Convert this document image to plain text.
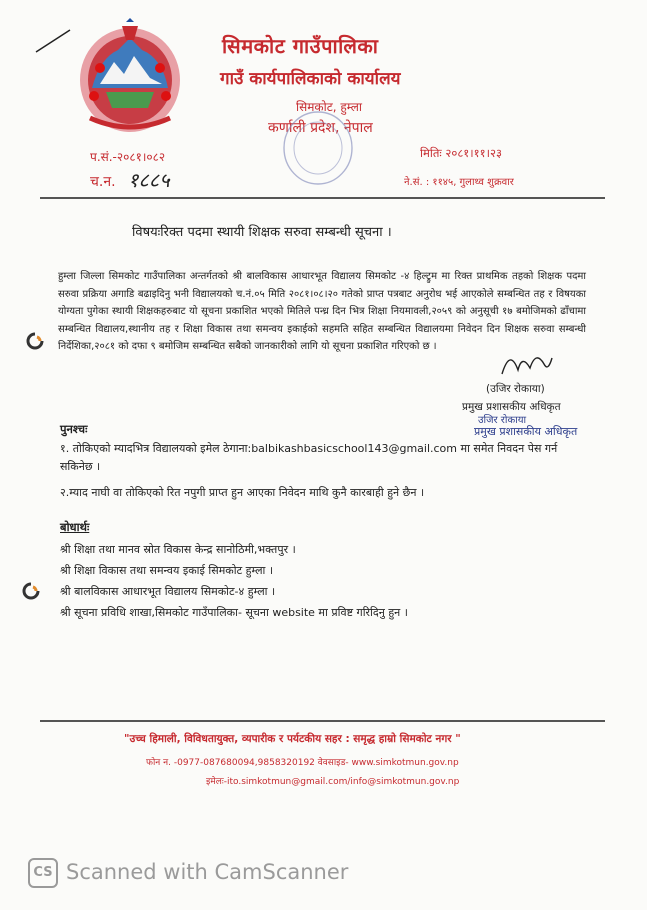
सिमकोट गाउँपालिका
गाउँ कार्यपालिकाको कार्यालय
सिमकोट, हुम्ला
कर्णाली प्रदेश, नेपाल
प.सं.-२०८१।०८२
च.न. १८८५
मितिः २०८१।११।२३
ने.सं. : ११४५, गुलाथ्व शुक्रवार
विषयःरिक्त पदमा स्थायी शिक्षक सरुवा सम्बन्धी सूचना ।
हुम्ला जिल्ला सिमकोट गाउँपालिका अन्तर्गतको श्री बालविकास आधारभूत विद्यालय सिमकोट -४ हिल्ट्रुम मा रिक्त प्राथमिक तहको शिक्षक पदमा सरुवा प्रक्रिया अगाडि बढाइदिनु भनी विद्यालयको च.नं.०५ मिति २०८१।०८।२० गतेको प्राप्त पत्रबाट अनुरोध भई आएकोले सम्बन्धित तह र विषयका योग्यता पुगेका स्थायी शिक्षकहरुबाट यो सूचना प्रकाशित भएको मितिले पन्ध्र दिन भित्र शिक्षा नियमावली,२०५९ को अनुसूची १७ बमोजिमको ढाँचामा सम्बन्धित विद्यालय,स्थानीय तह र शिक्षा विकास तथा समन्वय इकाईको सहमति सहित सम्बन्धित विद्यालयमा निवेदन दिन शिक्षक सरुवा सम्बन्धी निर्देशिका,२०८१ को दफा ९ बमोजिम सम्बन्धित सबैको जानकारीको लागि यो सूचना प्रकाशित गरिएको छ ।
(उजिर रोकाया)
प्रमुख प्रशासकीय अधिकृत
उजिर रोकाया
प्रमुख प्रशासकीय अधिकृत
पुनश्चः
१. तोकिएको म्यादभित्र विद्यालयको इमेल ठेगाना:balbikashbasicschool143@gmail.com मा समेत निवदन पेस गर्न सकिनेछ ।
२.म्याद नाघी वा तोकिएको रित नपुगी प्राप्त हुन आएका निवेदन माथि कुनै कारबाही हुने छैन ।
बोधार्थः
श्री शिक्षा तथा मानव स्रोत विकास केन्द्र सानोठिमी,भक्तपुर ।
श्री शिक्षा विकास तथा समन्वय इकाई सिमकोट हुम्ला ।
श्री बालविकास आधारभूत विद्यालय सिमकोट-४ हुम्ला ।
श्री सूचना प्रविधि शाखा,सिमकोट गाउँपालिका- सूचना website मा प्रविष्ट गरिदिनु हुन ।
"उच्च हिमाली, विविधतायुक्त, व्यपारीक र पर्यटकीय सहर : समृद्ध हाम्रो सिमकोट नगर "
फोन न. -0977-087680094,9858320192 वेवसाइड- www.simkotmun.gov.np
इमेलः-ito.simkotmun@gmail.com/info@simkotmun.gov.np
CS Scanned with CamScanner
